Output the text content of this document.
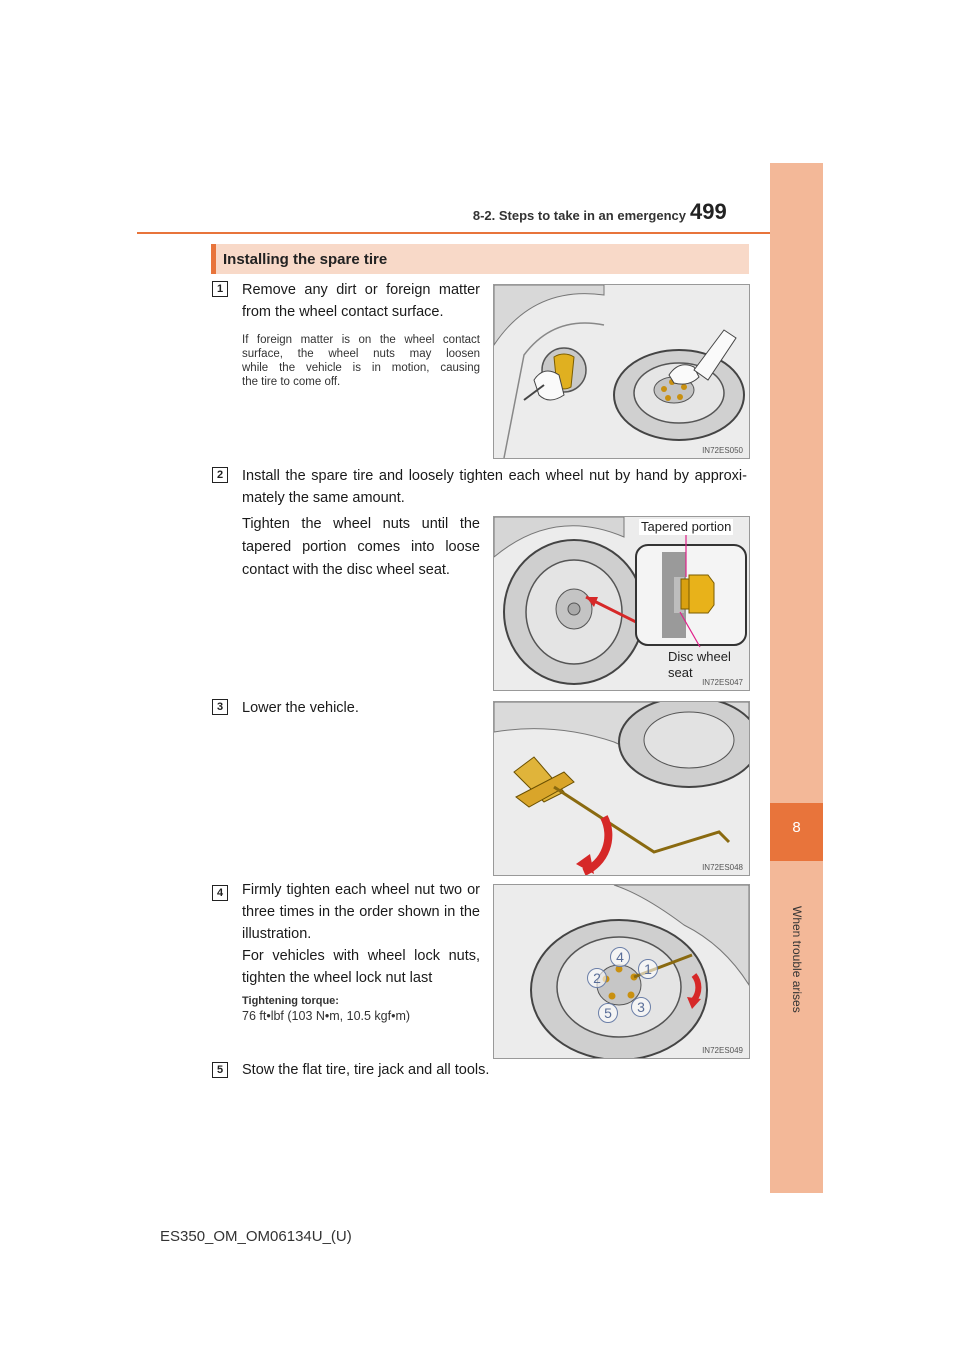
8-2. Steps to take in an emergency 499
8
When trouble arises
Installing the spare tire
1	Remove any dirt or foreign matter
from the wheel contact surface.
If foreign matter is on the wheel contact
surface, the wheel nuts may loosen
while the vehicle is in motion, causing
the tire to come off.
IN72ES050
2	Install the spare tire and loosely tighten each wheel nut by hand by approxi-
mately the same amount.
Tighten the wheel nuts until the
tapered portion comes into loose
contact with the disc wheel seat.
Tapered portion
Disc wheel
seat
IN72ES047
3	Lower the vehicle.
IN72ES048
4	Firmly tighten each wheel nut two or
three times in the order shown in the
illustration.
For vehicles with wheel lock nuts,
tighten the wheel lock nut last
Tightening torque:
76 ft•lbf (103 N•m, 10.5 kgf•m)
4
1
2
3
5
IN72ES049
5	Stow the flat tire, tire jack and all tools.
ES350_OM_OM06134U_(U)
